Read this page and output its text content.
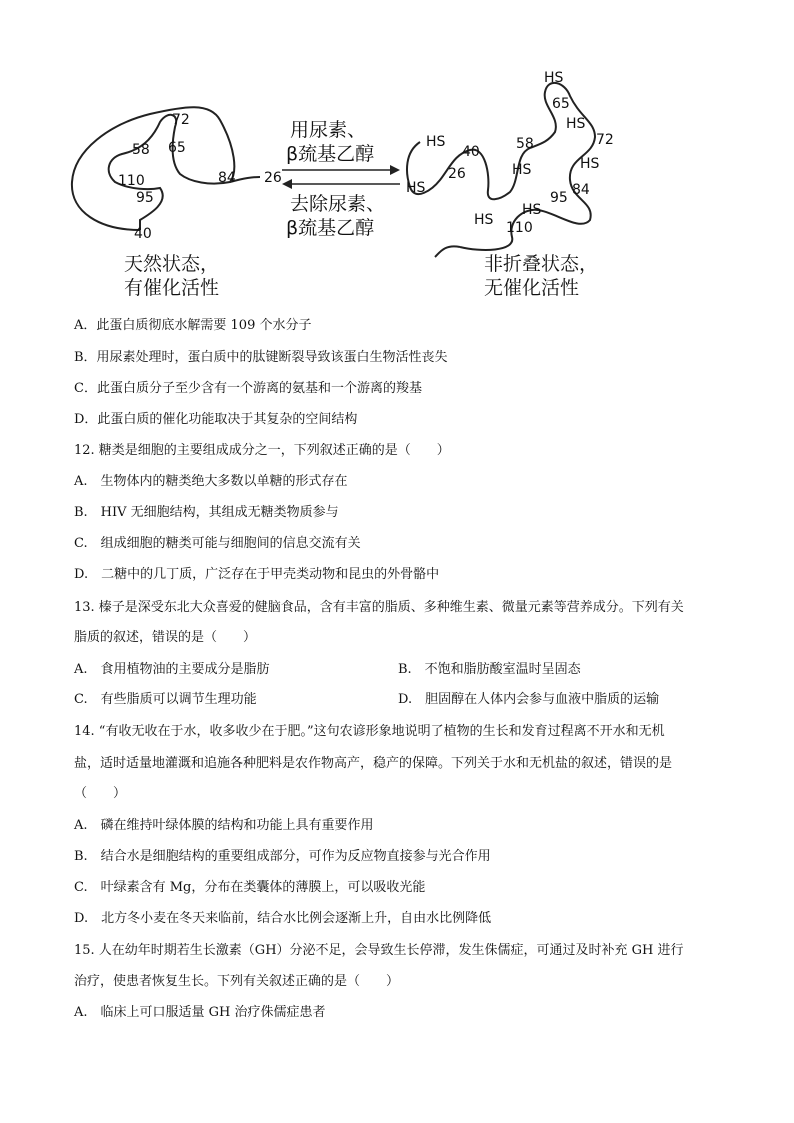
72
65
58
110
95
84
40
26
用尿素、
β巯基乙醇
去除尿素、
β巯基乙醇
天然状态，
有催化活性
非折叠状态，
无催化活性
HS
65
HS
72
HS
40	58
HS	HS
26
HS	84
95
HS
HS 110
A．此蛋白质彻底水解需要 109 个水分子
B．用尿素处理时，蛋白质中的肽键断裂导致该蛋白生物活性丧失
C．此蛋白质分子至少含有一个游离的氨基和一个游离的羧基
D．此蛋白质的催化功能取决于其复杂的空间结构
12. 糖类是细胞的主要组成成分之一，下列叙述正确的是（　　）
A.　生物体内的糖类绝大多数以单糖的形式存在
B.　HIV 无细胞结构，其组成无糖类物质参与
C.　组成细胞的糖类可能与细胞间的信息交流有关
D.　二糖中的几丁质，广泛存在于甲壳类动物和昆虫的外骨骼中
13. 榛子是深受东北大众喜爱的健脑食品，含有丰富的脂质、多种维生素、微量元素等营养成分。下列有关
脂质的叙述，错误的是（　　）
A.　食用植物油的主要成分是脂肪	B.　不饱和脂肪酸室温时呈固态
C.　有些脂质可以调节生理功能	D.　胆固醇在人体内会参与血液中脂质的运输
14. “有收无收在于水，收多收少在于肥。”这句农谚形象地说明了植物的生长和发育过程离不开水和无机
盐，适时适量地灌溉和追施各种肥料是农作物高产，稳产的保障。下列关于水和无机盐的叙述，错误的是
（　　）
A.　磷在维持叶绿体膜的结构和功能上具有重要作用
B.　结合水是细胞结构的重要组成部分，可作为反应物直接参与光合作用
C.　叶绿素含有 Mg，分布在类囊体的薄膜上，可以吸收光能
D.　北方冬小麦在冬天来临前，结合水比例会逐渐上升，自由水比例降低
15. 人在幼年时期若生长激素（GH）分泌不足，会导致生长停滞，发生侏儒症，可通过及时补充 GH 进行
治疗，使患者恢复生长。下列有关叙述正确的是（　　）
A.　临床上可口服适量 GH 治疗侏儒症患者
